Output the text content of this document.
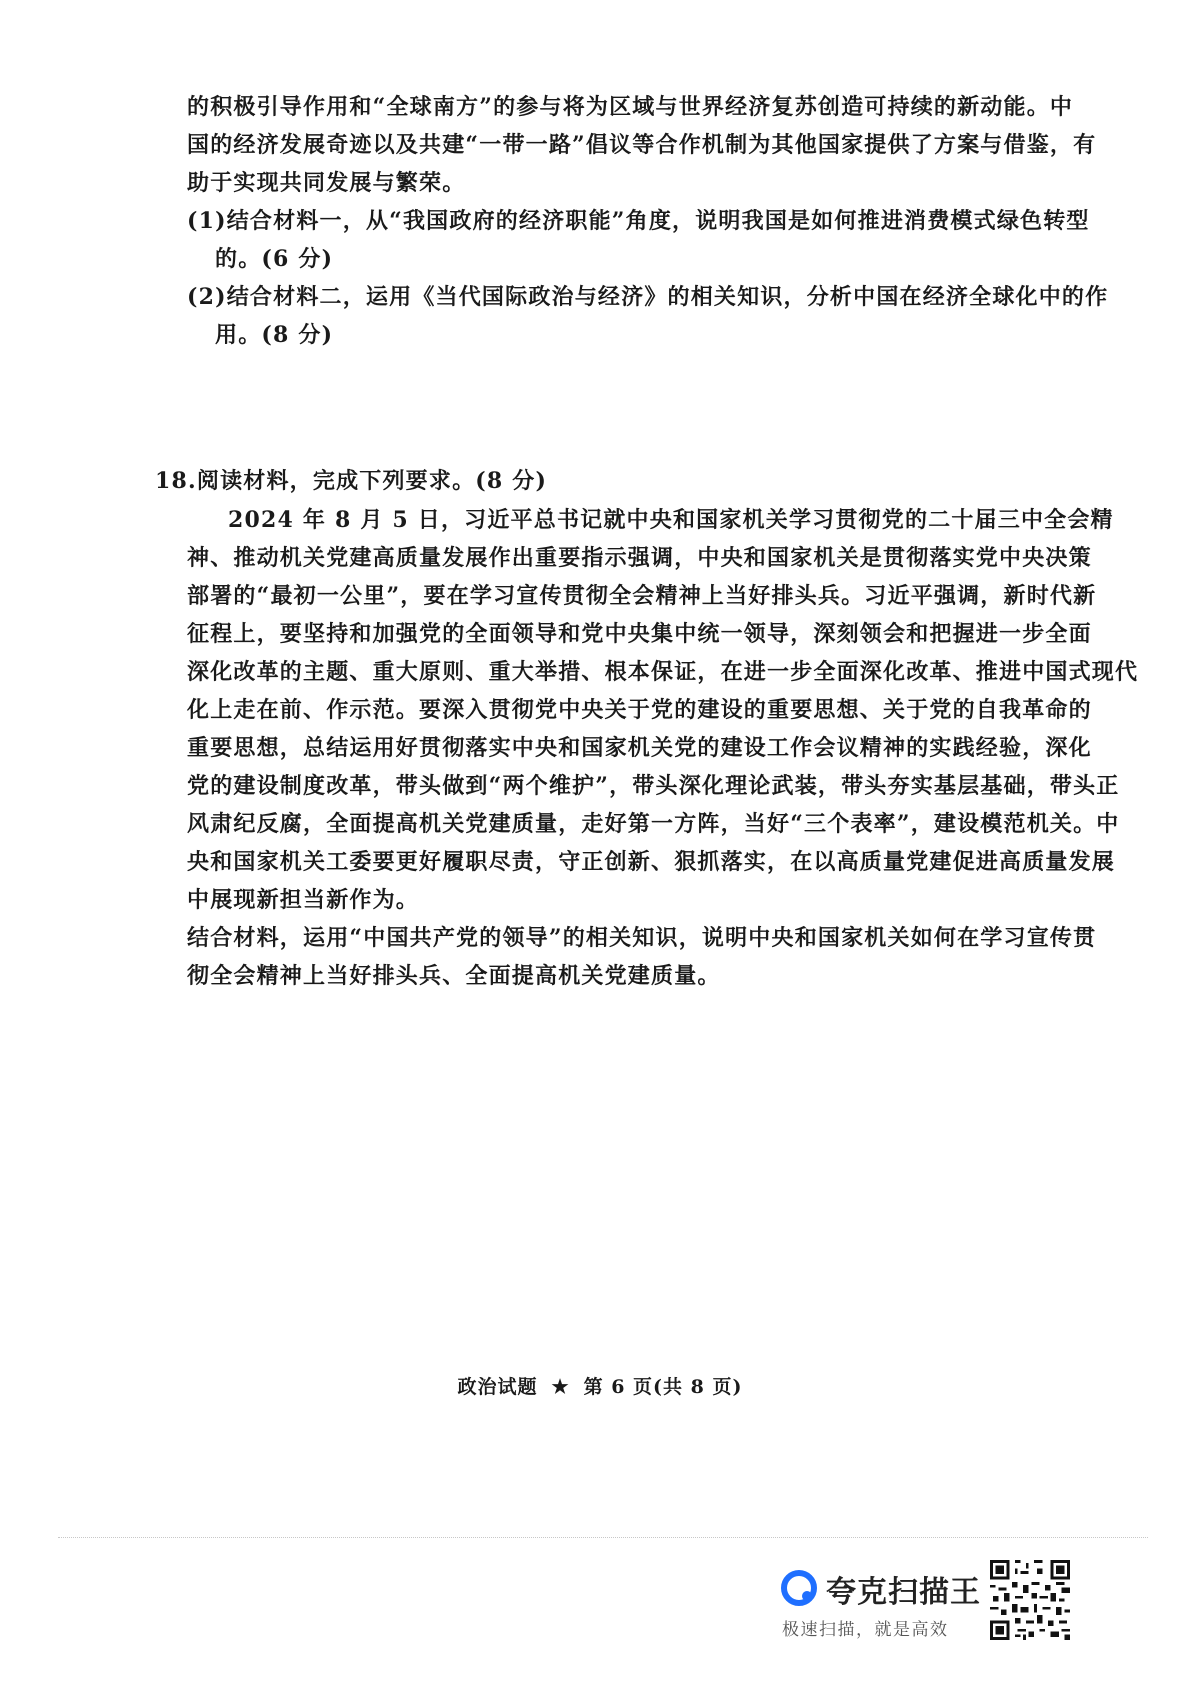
的积极引导作用和“全球南方”的参与将为区域与世界经济复苏创造可持续的新动能。中
国的经济发展奇迹以及共建“一带一路”倡议等合作机制为其他国家提供了方案与借鉴，有
助于实现共同发展与繁荣。
(1)结合材料一，从“我国政府的经济职能”角度，说明我国是如何推进消费模式绿色转型
的。(6 分)
(2)结合材料二，运用《当代国际政治与经济》的相关知识，分析中国在经济全球化中的作
用。(8 分)
18.阅读材料，完成下列要求。(8 分)
2024 年 8 月 5 日，习近平总书记就中央和国家机关学习贯彻党的二十届三中全会精
神、推动机关党建高质量发展作出重要指示强调，中央和国家机关是贯彻落实党中央决策
部署的“最初一公里”，要在学习宣传贯彻全会精神上当好排头兵。习近平强调，新时代新
征程上，要坚持和加强党的全面领导和党中央集中统一领导，深刻领会和把握进一步全面
深化改革的主题、重大原则、重大举措、根本保证，在进一步全面深化改革、推进中国式现代
化上走在前、作示范。要深入贯彻党中央关于党的建设的重要思想、关于党的自我革命的
重要思想，总结运用好贯彻落实中央和国家机关党的建设工作会议精神的实践经验，深化
党的建设制度改革，带头做到“两个维护”，带头深化理论武装，带头夯实基层基础，带头正
风肃纪反腐，全面提高机关党建质量，走好第一方阵，当好“三个表率”，建设模范机关。中
央和国家机关工委要更好履职尽责，守正创新、狠抓落实，在以高质量党建促进高质量发展
中展现新担当新作为。
结合材料，运用“中国共产党的领导”的相关知识，说明中央和国家机关如何在学习宣传贯
彻全会精神上当好排头兵、全面提高机关党建质量。
政治试题 ★ 第 6 页(共 8 页)
夸克扫描王
极速扫描，就是高效
